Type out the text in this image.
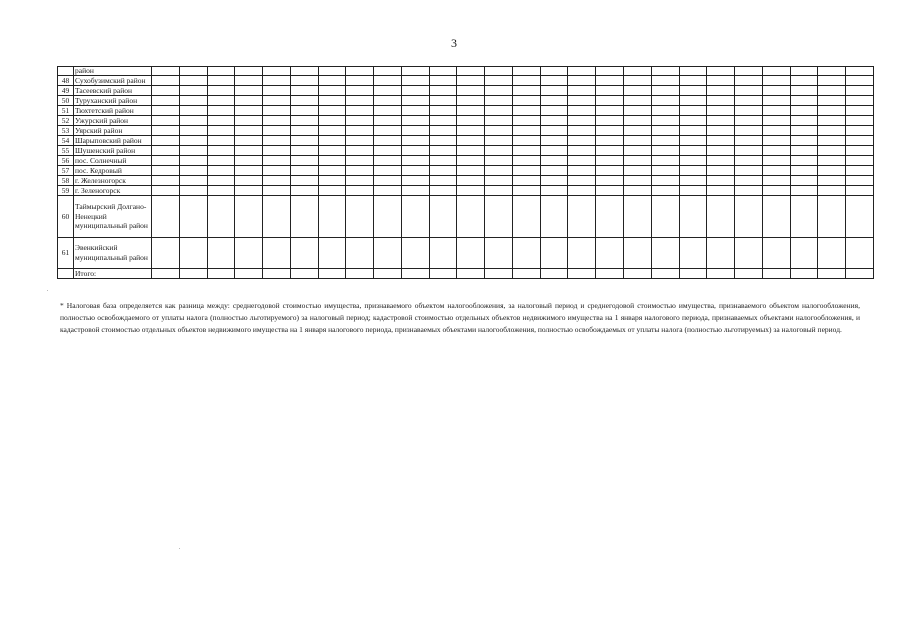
3
	район																										
48	Сухобузимский район																										
49	Тасеевский район																										
50	Туруханский район																										
51	Тюхтетский район																										
52	Ужурский район																										
53	Уярский район																										
54	Шарыповский район																										
55	Шушенский район																										
56	пос. Солнечный																										
57	пос. Кедровый																										
58	г. Железногорск																										
59	г. Зеленогорск																										
60	Таймырский Долгано-Ненецкий муниципальный район																										
61	Эвенкийский муниципальный район																										
	Итого:																										
* Налоговая база определяется как разница между: среднегодовой стоимостью имущества, признаваемого объектом налогообложения, за налоговый период и среднегодовой стоимостью имущества, признаваемого объектом налогообложения, полностью освобождаемого от уплаты налога (полностью льготируемого) за налоговый период; кадастровой стоимостью отдельных объектов недвижимого имущества на 1 января налогового периода, признаваемых объектами налогообложения, и кадастровой стоимостью отдельных объектов недвижимого имущества на 1 января налогового периода, признаваемых объектами налогообложения, полностью освобождаемых от уплаты налога (полностью льготируемых) за налоговый период.
